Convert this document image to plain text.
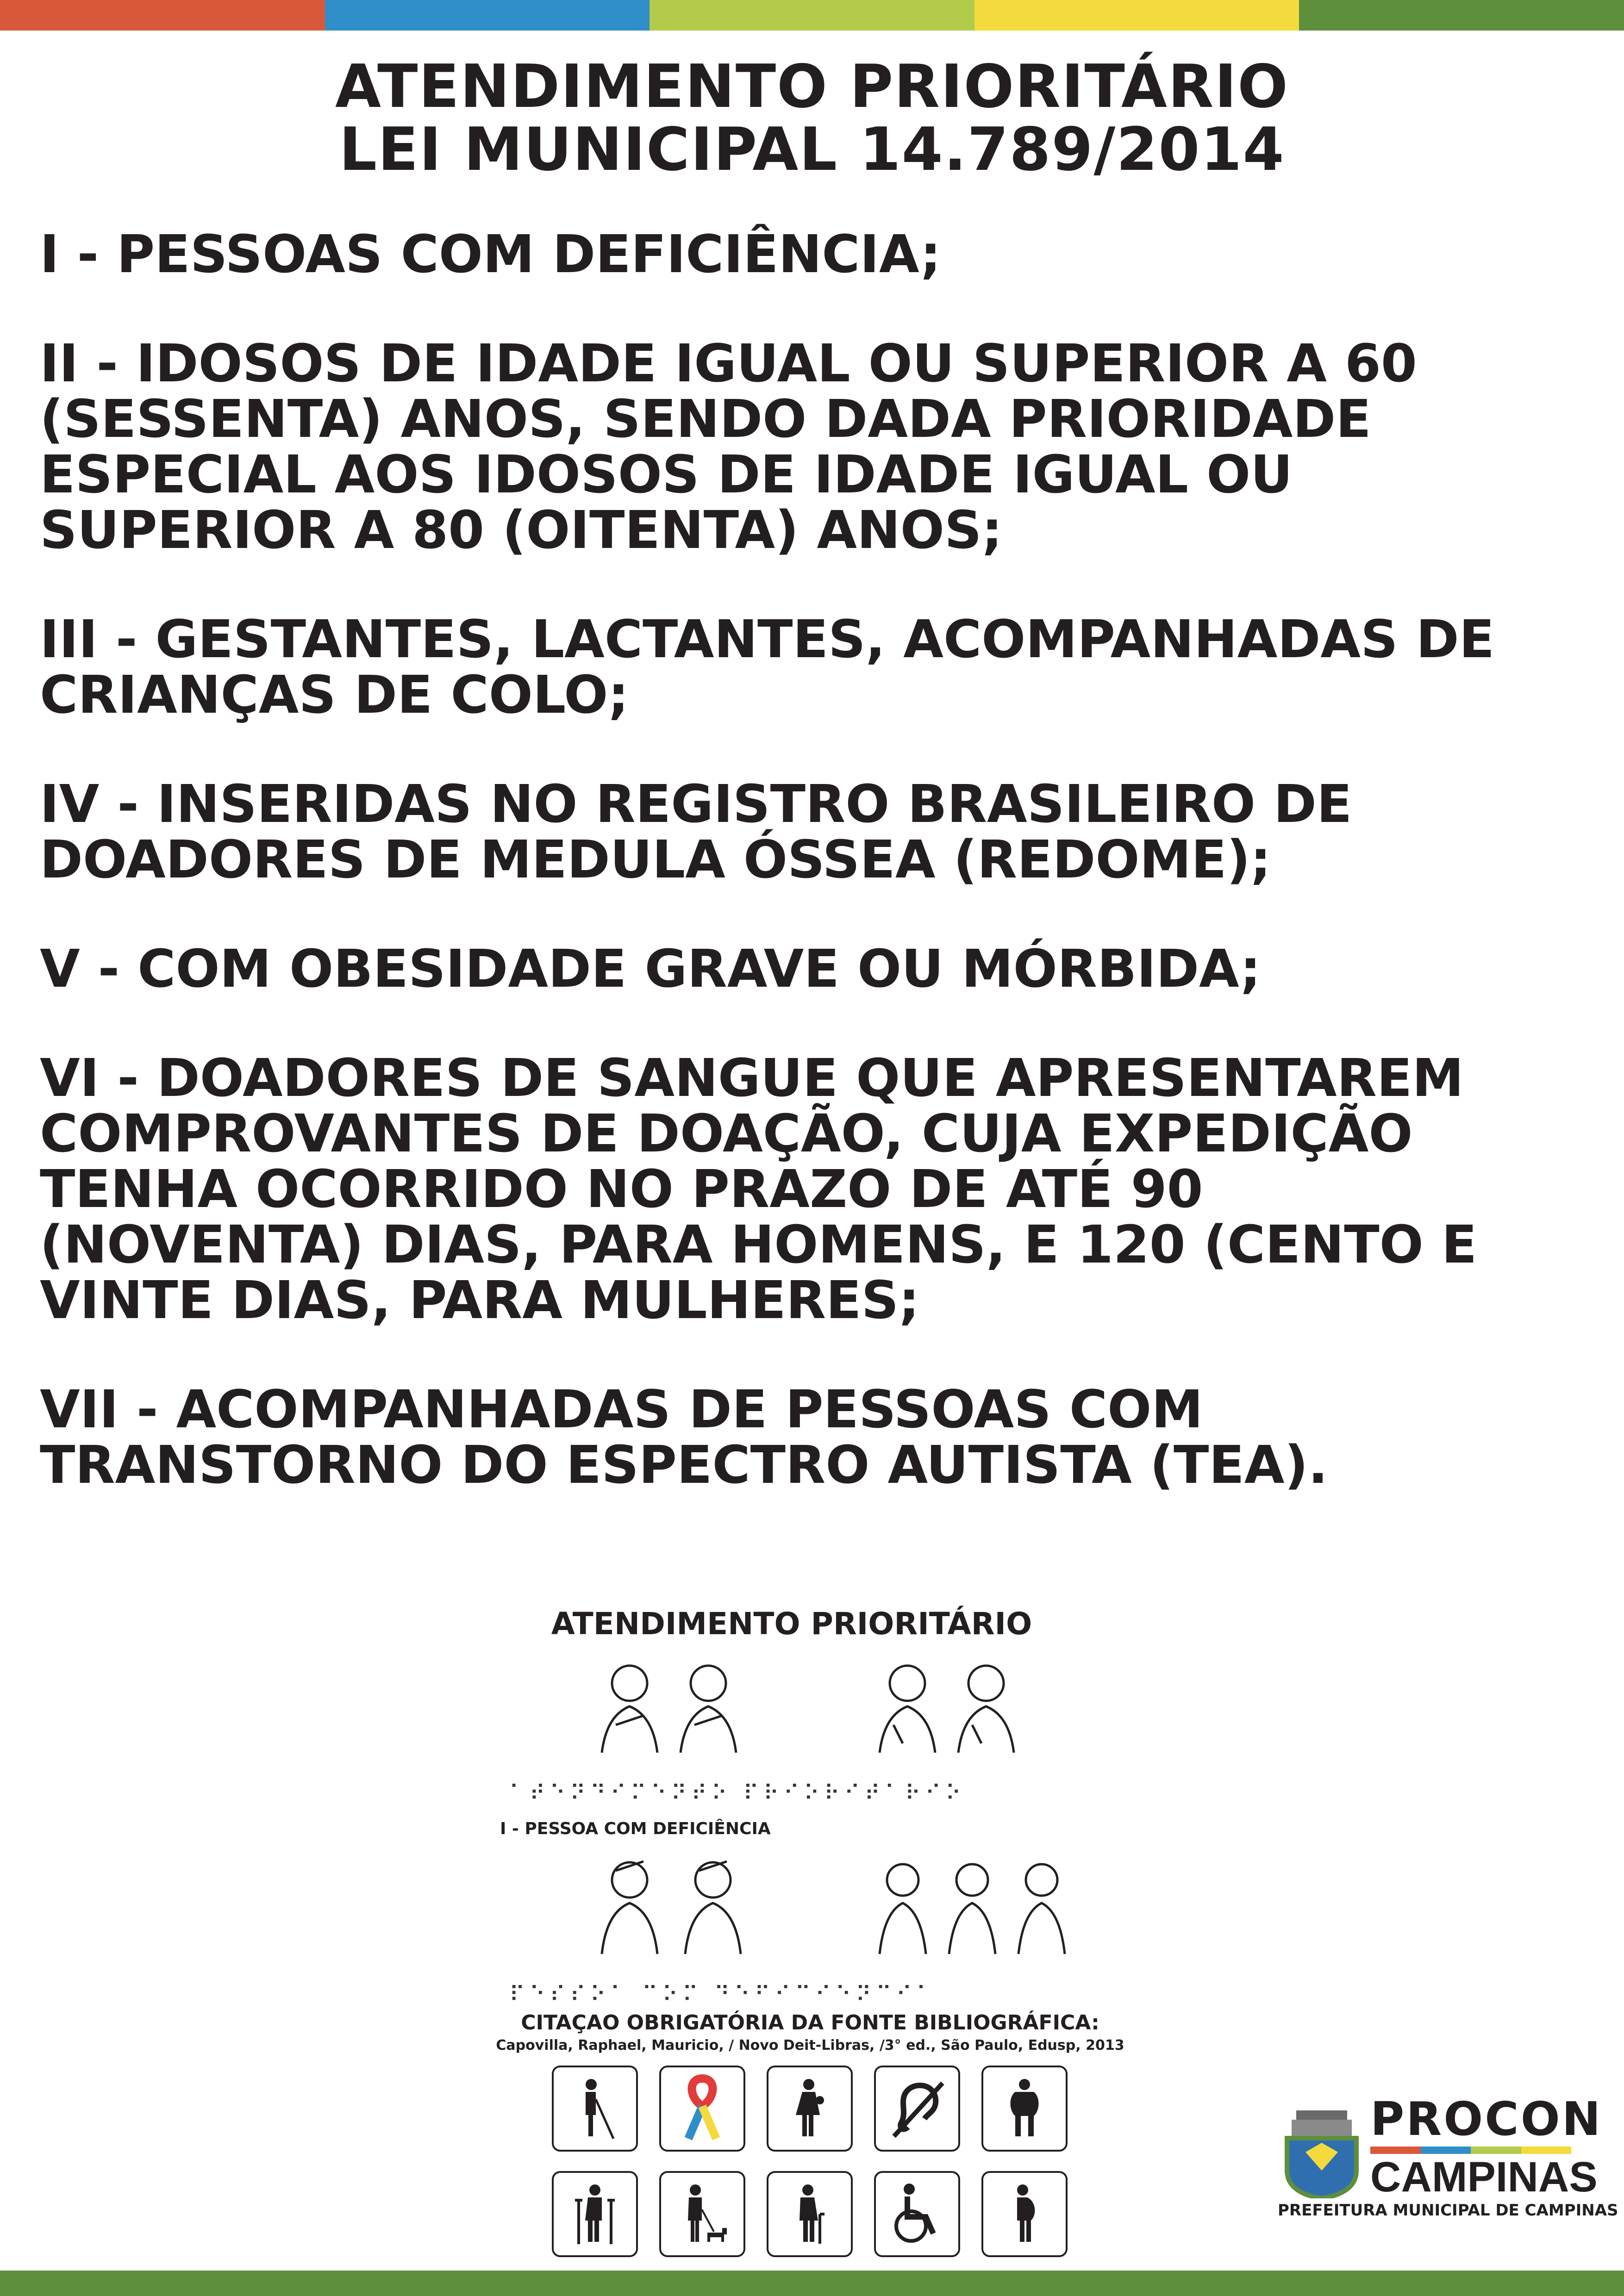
ATENDIMENTO PRIORITÁRIO
LEI MUNICIPAL 14.789/2014
I - PESSOAS COM DEFICIÊNCIA;
II - IDOSOS DE IDADE IGUAL OU SUPERIOR A 60
(SESSENTA) ANOS, SENDO DADA PRIORIDADE
ESPECIAL AOS IDOSOS DE IDADE IGUAL OU
SUPERIOR A 80 (OITENTA) ANOS;
III - GESTANTES, LACTANTES, ACOMPANHADAS DE
CRIANÇAS DE COLO;
IV - INSERIDAS NO REGISTRO BRASILEIRO DE
DOADORES DE MEDULA ÓSSEA (REDOME);
V - COM OBESIDADE GRAVE OU MÓRBIDA;
VI - DOADORES DE SANGUE QUE APRESENTAREM
COMPROVANTES DE DOAÇÃO, CUJA EXPEDIÇÃO
TENHA OCORRIDO NO PRAZO DE ATÉ 90
(NOVENTA) DIAS, PARA HOMENS, E 120 (CENTO E
VINTE DIAS, PARA MULHERES;
VII - ACOMPANHADAS DE PESSOAS COM
TRANSTORNO DO ESPECTRO AUTISTA (TEA).
ATENDIMENTO PRIORITÁRIO
⠁⠞⠑⠝⠙⠊⠍⠑⠝⠞⠕ ⠏⠗⠊⠕⠗⠊⠞⠁⠗⠊⠕
I - PESSOA COM DEFICIÊNCIA
⠏⠑⠎⠎⠕⠁ ⠉⠕⠍ ⠙⠑⠋⠊⠉⠊⠑⠝⠉⠊⠁
CITAÇAO OBRIGATÓRIA DA FONTE BIBLIOGRÁFICA:
Capovilla, Raphael, Mauricio, / Novo Deit-Libras, /3° ed., São Paulo, Edusp, 2013
PROCON
CAMPINAS
PREFEITURA MUNICIPAL DE CAMPINAS
